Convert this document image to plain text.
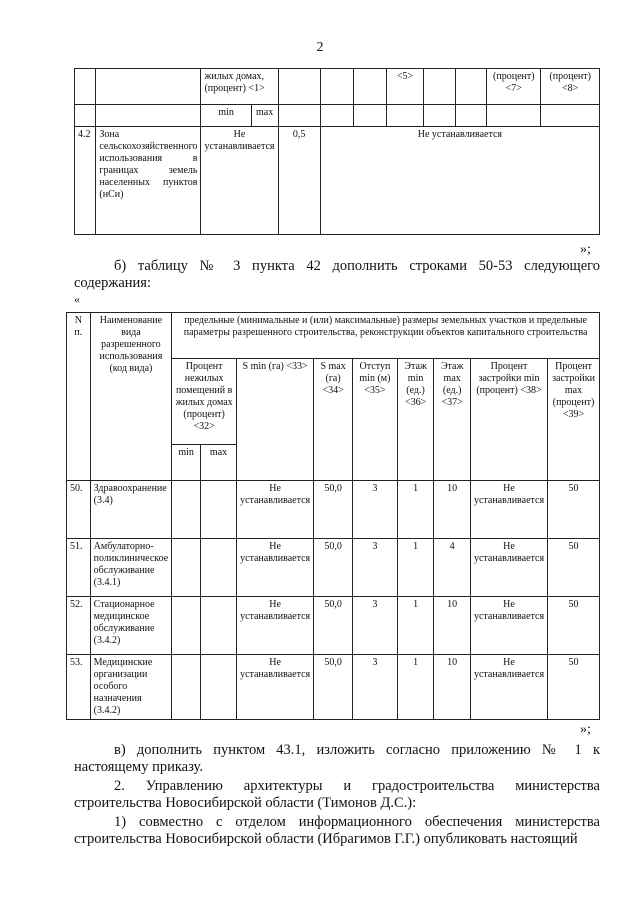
2
		жилых домах, (процент) <1>					<5>			(процент) <7>	(процент) <8>
		min	max								
4.2	Зона сельскохозяйственного использования в границах земель населенных пунктов (нСи)	Не устанавливается		0,5	Не устанавливается						
»;
б) таблицу № 3 пункта 42 дополнить строками 50-53 следующего содержания:
«
N п.	Наименование вида разрешенного использования (код вида)	предельные (минимальные и (или) максимальные) размеры земельных участков и предельные параметры разрешенного строительства, реконструкции объектов капитального строительства								
		Процент нежилых помещений в жилых домах (процент) <32>		S min (га) <33>	S max (га) <34>	Отступ min (м) <35>	Этаж min (ед.) <36>	Этаж max (ед.) <37>	Процент застройки min (процент) <38>	Процент застройки max (процент) <39>
		min	max							
50.	Здравоохранение (3.4)			Не устанавливается	50,0	3	1	10	Не устанавливается	50
51.	Амбулаторно-поликлиническое обслуживание (3.4.1)			Не устанавливается	50,0	3	1	4	Не устанавливается	50
52.	Стационарное медицинское обслуживание (3.4.2)			Не устанавливается	50,0	3	1	10	Не устанавливается	50
53.	Медицинские организации особого назначения (3.4.2)			Не устанавливается	50,0	3	1	10	Не устанавливается	50
»;
в) дополнить пунктом 43.1, изложить согласно приложению № 1 к настоящему приказу.
2. Управлению архитектуры и градостроительства министерства строительства Новосибирской области (Тимонов Д.С.):
1) совместно с отделом информационного обеспечения министерства строительства Новосибирской области (Ибрагимов Г.Г.) опубликовать настоящий
